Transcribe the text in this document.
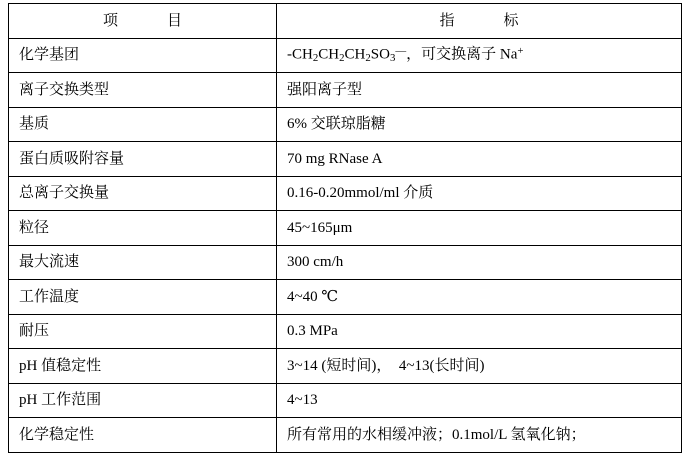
项　　目	指　　标
化学基团	$-CH_2CH_2CH_2SO_3^—$，可交换离子 Na+
离子交换类型	强阳离子型
基质	6% 交联琼脂糖
蛋白质吸附容量	70 mg RNase A
总离子交换量	0.16-0.20mmol/ml 介质
粒径	45~165μm
最大流速	300 cm/h
工作温度	4~40 ℃
耐压	0.3 MPa
pH 值稳定性	3~14 (短时间)，　4~13(长时间)
pH 工作范围	4~13
化学稳定性	所有常用的水相缓冲液；0.1mol/L 氢氧化钠；
